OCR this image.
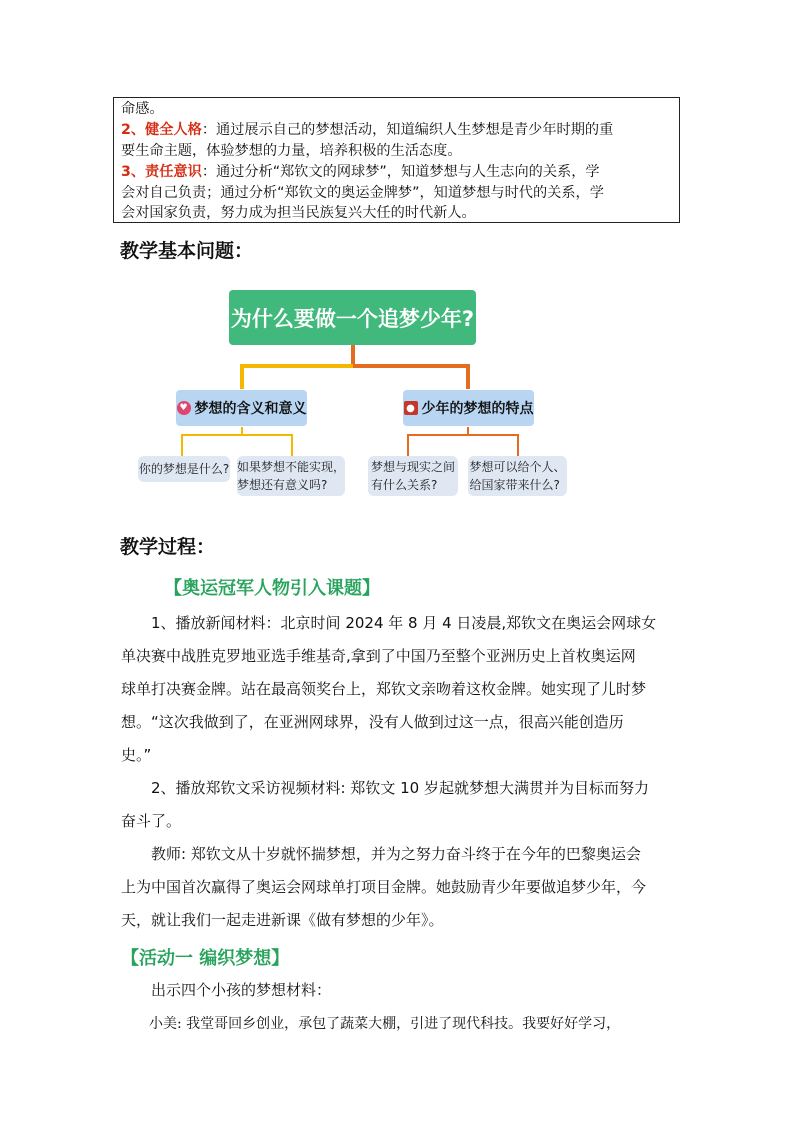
命感。
2、健全人格：通过展示自己的梦想活动，知道编织人生梦想是青少年时期的重
要生命主题，体验梦想的力量，培养积极的生活态度。
3、责任意识：通过分析“郑钦文的网球梦”，知道梦想与人生志向的关系，学
会对自己负责；通过分析“郑钦文的奥运金牌梦”，知道梦想与时代的关系，学
会对国家负责，努力成为担当民族复兴大任的时代新人。
教学基本问题：
为什么要做一个追梦少年?
♥ 梦想的含义和意义	● 少年的梦想的特点
你的梦想是什么? 如果梦想不能实现，
梦想还有意义吗?
梦想与现实之间
有什么关系?
梦想可以给个人、
给国家带来什么?
教学过程：
【奥运冠军人物引入课题】
1、播放新闻材料：北京时间 2024 年 8 月 4 日凌晨,郑钦文在奥运会网球女
单决赛中战胜克罗地亚选手维基奇,拿到了中国乃至整个亚洲历史上首枚奥运网
球单打决赛金牌。站在最高领奖台上，郑钦文亲吻着这枚金牌。她实现了儿时梦
想。“这次我做到了，在亚洲网球界，没有人做到过这一点，很高兴能创造历
史。”
2、播放郑钦文采访视频材料: 郑钦文 10 岁起就梦想大满贯并为目标而努力
奋斗了。
教师: 郑钦文从十岁就怀揣梦想，并为之努力奋斗终于在今年的巴黎奥运会
上为中国首次赢得了奥运会网球单打项目金牌。她鼓励青少年要做追梦少年，今
天，就让我们一起走进新课《做有梦想的少年》。
【活动一 编织梦想】
出示四个小孩的梦想材料：
小美: 我堂哥回乡创业，承包了蔬菜大棚，引进了现代科技。我要好好学习，
